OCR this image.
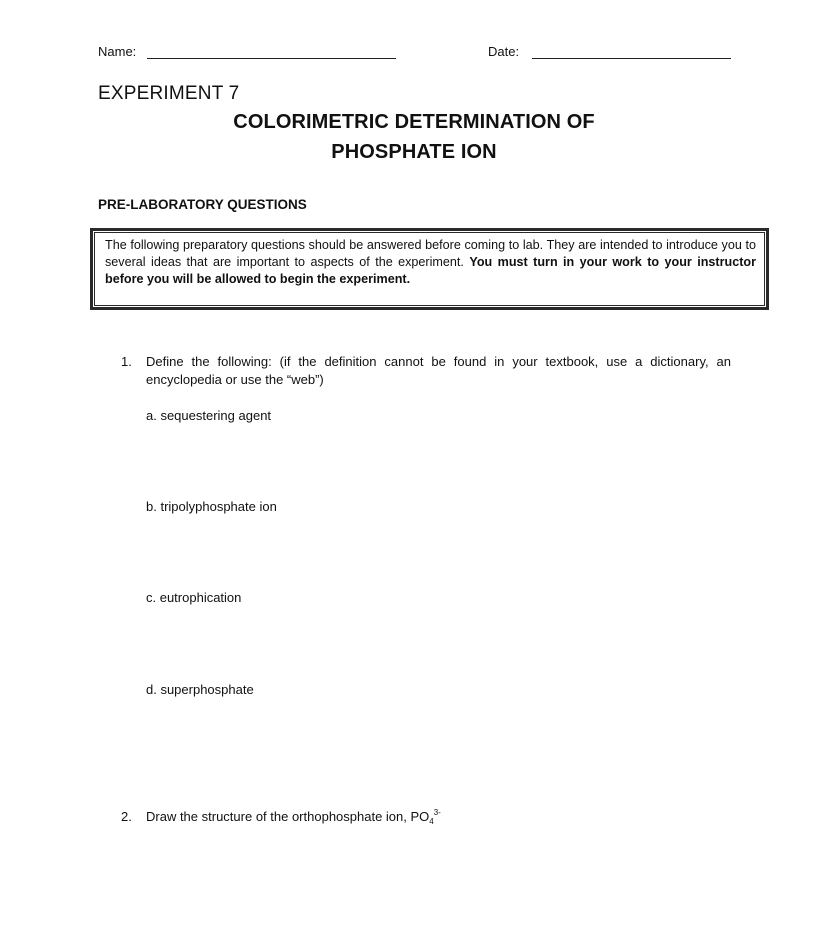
Name:	Date:
EXPERIMENT 7
COLORIMETRIC DETERMINATION OF
PHOSPHATE ION
PRE-LABORATORY QUESTIONS
The following preparatory questions should be answered before coming to lab. They are intended to introduce you to several ideas that are important to aspects of the experiment. You must turn in your work to your instructor before you will be allowed to begin the experiment.
1. Define the following: (if the definition cannot be found in your textbook, use a dictionary, an encyclopedia or use the “web”)
a. sequestering agent
b. tripolyphosphate ion
c. eutrophication
d. superphosphate
2. Draw the structure of the orthophosphate ion, $PO_4^{3-}$
